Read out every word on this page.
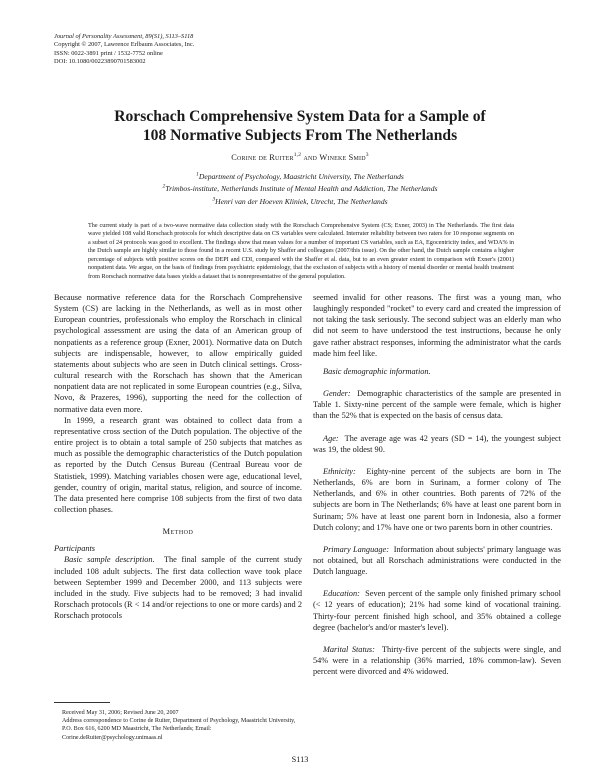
Journal of Personality Assessment, 89(S1), S113–S118
Copyright © 2007, Lawrence Erlbaum Associates, Inc.
ISSN: 0022-3891 print / 1532-7752 online
DOI: 10.1080/00223890701583002
Rorschach Comprehensive System Data for a Sample of
108 Normative Subjects From The Netherlands
Corine de Ruiter$^{1,2}$ and Wineke Smid$^3$
$^1$Department of Psychology, Maastricht University, The Netherlands
$^2$Trimbos-institute, Netherlands Institute of Mental Health and Addiction, The Netherlands
$^3$Henri van der Hoeven Kliniek, Utrecht, The Netherlands
The current study is part of a two-wave normative data collection study with the Rorschach Comprehensive System (CS; Exner, 2003) in The Netherlands. The first data wave yielded 108 valid Rorschach protocols for which descriptive data on CS variables were calculated. Interrater reliability between two raters for 10 response segments on a subset of 24 protocols was good to excellent. The findings show that mean values for a number of important CS variables, such as EA, Egocentricity index, and WDA% in the Dutch sample are highly similar to those found in a recent U.S. study by Shaffer and colleagues (2007/this issue). On the other hand, the Dutch sample contains a higher percentage of subjects with positive scores on the DEPI and CDI, compared with the Shaffer et al. data, but to an even greater extent in comparison with Exner's (2001) nonpatient data. We argue, on the basis of findings from psychiatric epidemiology, that the exclusion of subjects with a history of mental disorder or mental health treatment from Rorschach normative data bases yields a dataset that is nonrepresentative of the general population.

Because normative reference data for the Rorschach Comprehensive System (CS) are lacking in the Netherlands, as well as in most other European countries, professionals who employ the Rorschach in clinical psychological assessment are using the data of an American group of nonpatients as a reference group (Exner, 2001). Normative data on Dutch subjects are indispensable, however, to allow empirically guided statements about subjects who are seen in Dutch clinical settings. Cross-cultural research with the Rorschach has shown that the American nonpatient data are not replicated in some European countries (e.g., Silva, Novo, & Prazeres, 1996), supporting the need for the collection of normative data even more.

In 1999, a research grant was obtained to collect data from a representative cross section of the Dutch population. The objective of the entire project is to obtain a total sample of 250 subjects that matches as much as possible the demographic characteristics of the Dutch population as reported by the Dutch Census Bureau (Centraal Bureau voor de Statistiek, 1999). Matching variables chosen were age, educational level, gender, country of origin, marital status, religion, and source of income. The data presented here comprise 108 subjects from the first of two data collection phases.

Method

Participants

Basic sample description. The final sample of the current study included 108 adult subjects. The first data collection wave took place between September 1999 and December 2000, and 113 subjects were included in the study. Five subjects had to be removed; 3 had invalid Rorschach protocols (R < 14 and/or rejections to one or more cards) and 2 Rorschach protocols

seemed invalid for other reasons. The first was a young man, who laughingly responded "rocket" to every card and created the impression of not taking the task seriously. The second subject was an elderly man who did not seem to have understood the test instructions, because he only gave rather abstract responses, informing the administrator what the cards made him feel like.

Basic demographic information.

Gender: Demographic characteristics of the sample are presented in Table 1. Sixty-nine percent of the sample were female, which is higher than the 52% that is expected on the basis of census data.

Age: The average age was 42 years (SD = 14), the youngest subject was 19, the oldest 90.

Ethnicity: Eighty-nine percent of the subjects are born in The Netherlands, 6% are born in Surinam, a former colony of The Netherlands, and 6% in other countries. Both parents of 72% of the subjects are born in The Netherlands; 6% have at least one parent born in Surinam; 5% have at least one parent born in Indonesia, also a former Dutch colony; and 17% have one or two parents born in other countries.

Primary Language: Information about subjects' primary language was not obtained, but all Rorschach administrations were conducted in the Dutch language.

Education: Seven percent of the sample only finished primary school (< 12 years of education); 21% had some kind of vocational training. Thirty-four percent finished high school, and 35% obtained a college degree (bachelor's and/or master's level).

Marital Status: Thirty-five percent of the subjects were single, and 54% were in a relationship (36% married, 18% common-law). Seven percent were divorced and 4% widowed.

Received May 31, 2006; Revised June 20, 2007

Address correspondence to Corine de Ruiter, Department of Psychology, Maastricht University, P.O. Box 616, 6200 MD Maastricht, The Netherlands; Email: Corine.deRuiter@psychology.unimaas.nl

S113
